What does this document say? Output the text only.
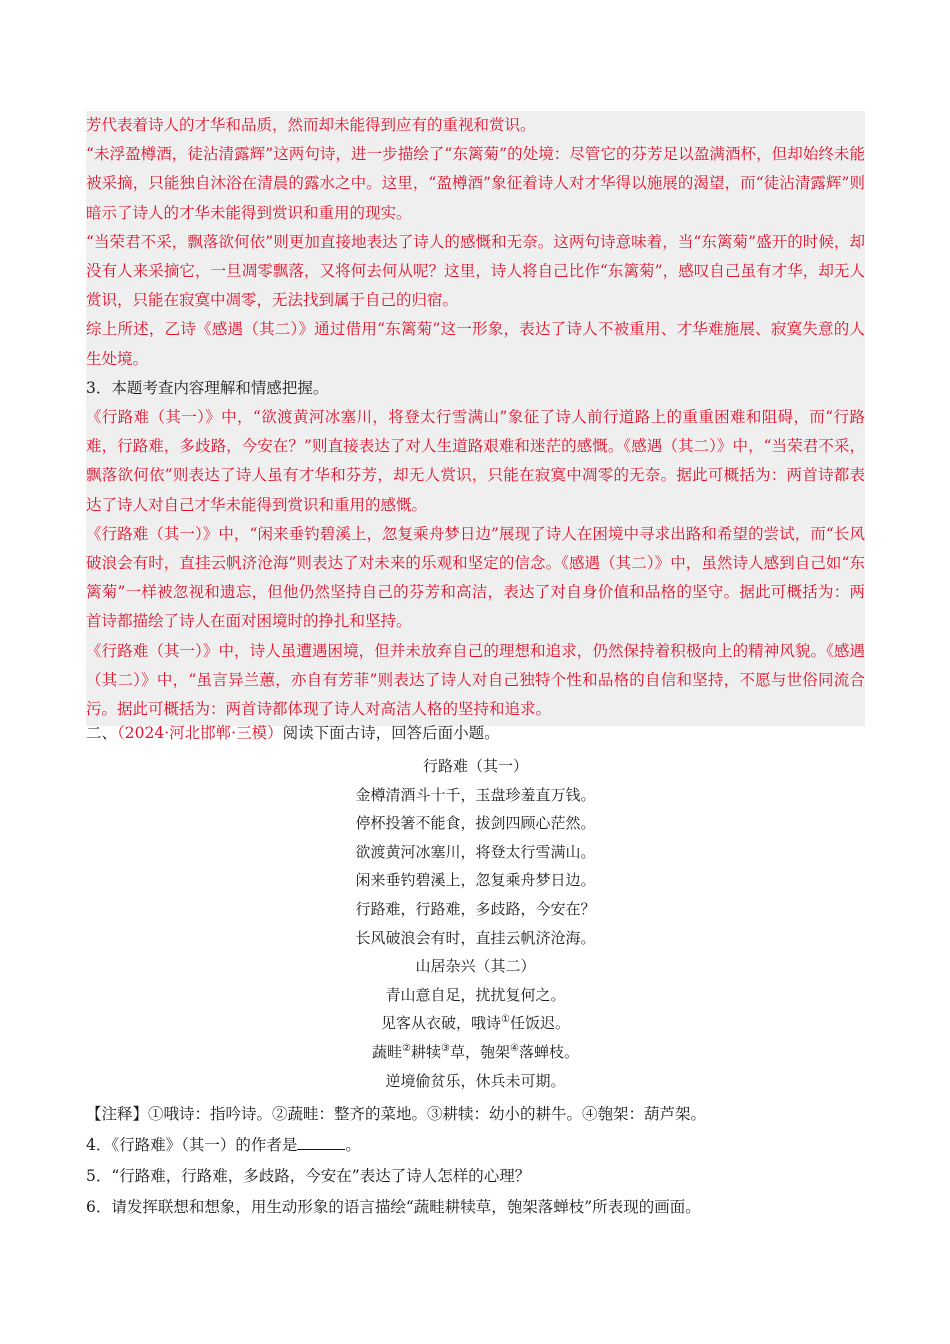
芳代表着诗人的才华和品质，然而却未能得到应有的重视和赏识。

“未浮盈樽酒，徒沾清露辉”这两句诗，进一步描绘了“东篱菊”的处境：尽管它的芬芳足以盈满酒杯，但却始终未能被采摘，只能独自沐浴在清晨的露水之中。这里，“盈樽酒”象征着诗人对才华得以施展的渴望，而“徒沾清露辉”则暗示了诗人的才华未能得到赏识和重用的现实。

“当荣君不采，飘落欲何依”则更加直接地表达了诗人的感慨和无奈。这两句诗意味着，当“东篱菊”盛开的时候，却没有人来采摘它，一旦凋零飘落，又将何去何从呢？这里，诗人将自己比作“东篱菊”，感叹自己虽有才华，却无人赏识，只能在寂寞中凋零，无法找到属于自己的归宿。

综上所述，乙诗《感遇（其二）》通过借用“东篱菊”这一形象，表达了诗人不被重用、才华难施展、寂寞失意的人生处境。

3．本题考查内容理解和情感把握。

《行路难（其一）》中，“欲渡黄河冰塞川，将登太行雪满山”象征了诗人前行道路上的重重困难和阻碍，而“行路难，行路难，多歧路，今安在？”则直接表达了对人生道路艰难和迷茫的感慨。《感遇（其二）》中，“当荣君不采，飘落欲何依”则表达了诗人虽有才华和芬芳，却无人赏识，只能在寂寞中凋零的无奈。据此可概括为：两首诗都表达了诗人对自己才华未能得到赏识和重用的感慨。

《行路难（其一）》中，“闲来垂钓碧溪上，忽复乘舟梦日边”展现了诗人在困境中寻求出路和希望的尝试，而“长风破浪会有时，直挂云帆济沧海”则表达了对未来的乐观和坚定的信念。《感遇（其二）》中，虽然诗人感到自己如“东篱菊”一样被忽视和遗忘，但他仍然坚持自己的芬芳和高洁，表达了对自身价值和品格的坚守。据此可概括为：两首诗都描绘了诗人在面对困境时的挣扎和坚持。

《行路难（其一）》中，诗人虽遭遇困境，但并未放弃自己的理想和追求，仍然保持着积极向上的精神风貌。《感遇（其二）》中，“虽言异兰蕙，亦自有芳菲”则表达了诗人对自己独特个性和品格的自信和坚持，不愿与世俗同流合污。据此可概括为：两首诗都体现了诗人对高洁人格的坚持和追求。

二、（2024·河北邯郸·三模）阅读下面古诗，回答后面小题。

行路难（其一）
金樽清酒斗十千，玉盘珍羞直万钱。
停杯投箸不能食，拔剑四顾心茫然。
欲渡黄河冰塞川，将登太行雪满山。
闲来垂钓碧溪上，忽复乘舟梦日边。
行路难，行路难，多歧路，今安在？
长风破浪会有时，直挂云帆济沧海。
山居杂兴（其二）
青山意自足，扰扰复何之。
见客从衣破，哦诗①任饭迟。
蔬畦②耕犊③草，匏架④落蝉枝。
逆境偷贫乐，休兵未可期。

【注释】①哦诗：指吟诗。②蔬畦：整齐的菜地。③耕犊：幼小的耕牛。④匏架：葫芦架。

4．《行路难》（其一）的作者是	。

5．“行路难，行路难，多歧路，今安在”表达了诗人怎样的心理？

6．请发挥联想和想象，用生动形象的语言描绘“蔬畦耕犊草，匏架落蝉枝”所表现的画面。
